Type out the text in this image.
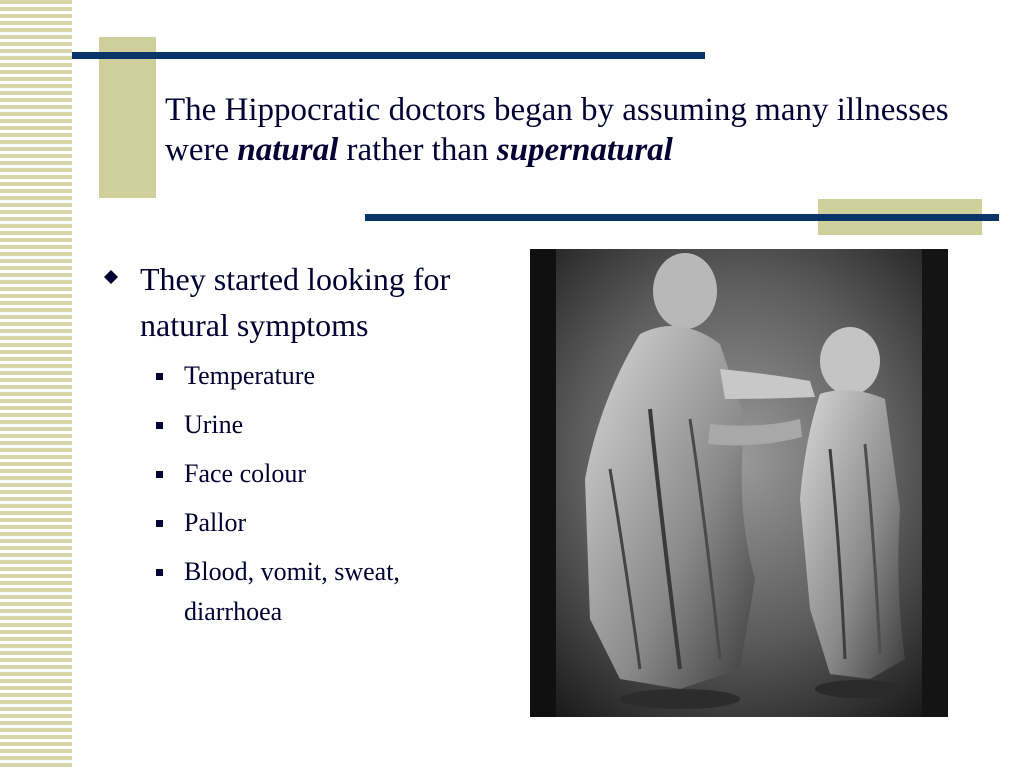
The Hippocratic doctors began by assuming many illnesses were natural rather than supernatural
They started looking for natural symptoms
Temperature
Urine
Face colour
Pallor
Blood, vomit, sweat, diarrhoea
